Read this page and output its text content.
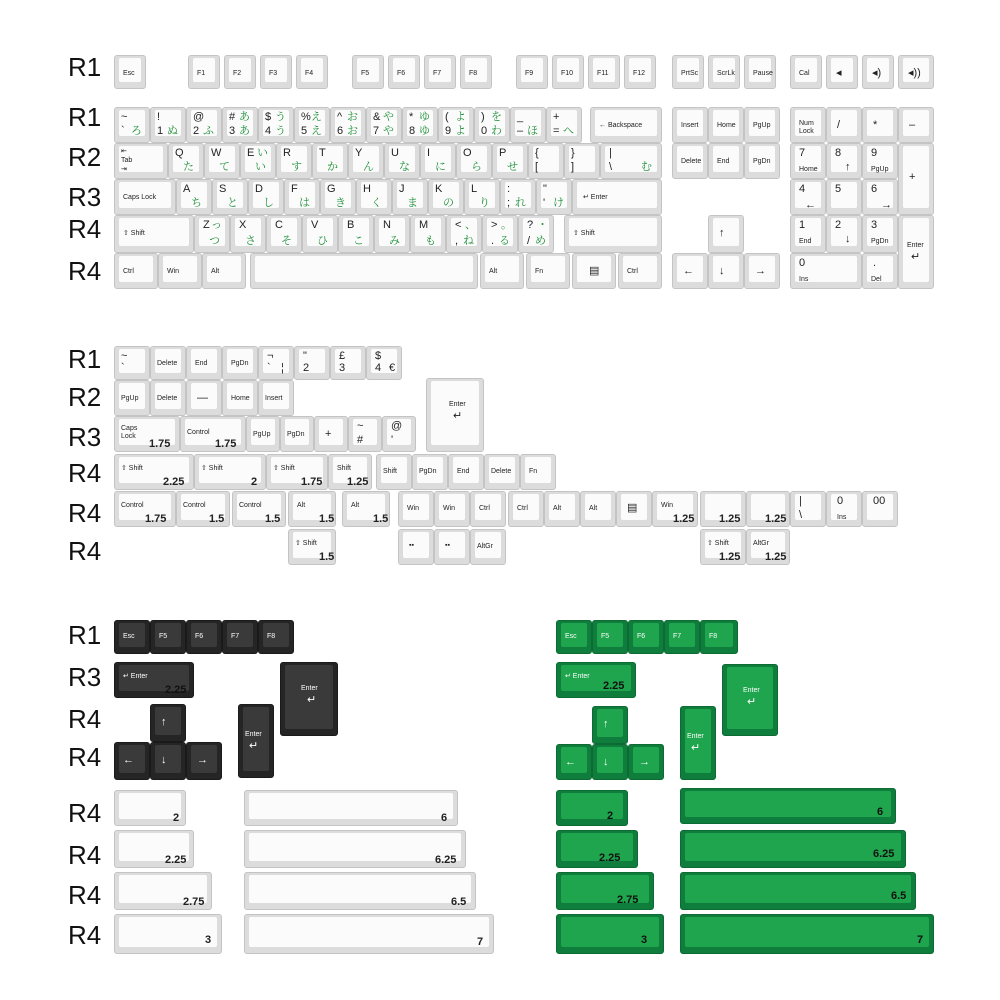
R1
R1
R2
R3
R4
R4
R1
R2
R3
R4
R4
R4
R1
R3
R4
R4
R4
R4
R4
R4
Esc	F1	F2	F3	F4	F5	F6	F7	F8	F9	F10	F11	F12	PrtSc	ScrLk	Pause	Cal ◂	◂) ◂))
~
` ろ
!
1 ぬ
@
2 ふ
# あ
3 あ
$ う
4 う
% え
5 え
^ お
6 お
& や
7 や
* ゆ
8 ゆ
( よ
9 よ
) を
0 わ
_
– ほ
+
= へ	← Backspace	Insert	Home PgUp	Num
Lock
/	*	–
⇤
Tab
⇥
Q
た
W
て
E い
い
R
す
T
か
Y
ん
U
な
I
に
O
ら
P
せ
{
[
}
]
|
\	む	Delete End	PgDn
7
Home
8
↑
9
PgUp
+
Caps Lock
A
ち
S
と
D
し
F
は
G
き
H
く
J
ま
K
の
L
り
:
; れ
"
' け	↵ Enter
4
←
5	6
→
⇧ Shift
Z っ
つ
X
さ
C
そ
V
ひ
B
こ
N
み
M
も
< 、
, ね
> 。
. る
? ・
/ め
⇧ Shift	↑
1
End
2
↓
3
PgDn
Enter
↵
Ctrl	Win	Alt	Alt	Fn	▤	Ctrl	← ↓	→
0
Ins
.
Del
~
`	Delete	End	PgDn
¬
` ¦
"
2
£
3
$
4 €
PgUp	Delete —	Home Insert
Enter
↵
Caps
Lock
1.75
Control
1.75
PgUp PgDn +
~
#
@
'
⇧ Shift
2.25
⇧ Shift
2
⇧ Shift
1.75
Shift
1.25
Shift	PgDn	End	Delete	Fn
Control
1.75
Control
1.5
Control
1.5
Alt
1.5
Alt
1.5
Win	Win	Ctrl	Ctrl	Alt	Alt	▤	Win
1.25 1.25 1.25
|
\
0
Ins
00
⇧ Shift
1.5
▪▪	▪▪	AltGr	⇧ Shift
1.25
AltGr
1.25
Esc	F5	F6	F7	F8
↵ Enter
2.25	Enter
↵
↑
Enter
↵
← ↓	→
2	6
2.25	6.25
2.75	6.5
3	7
Esc	F5	F6	F7	F8
↵ Enter
2.25	Enter
↵
↑
Enter
↵
← ↓	→
2	6
2.25	6.25
2.75	6.5
3	7
